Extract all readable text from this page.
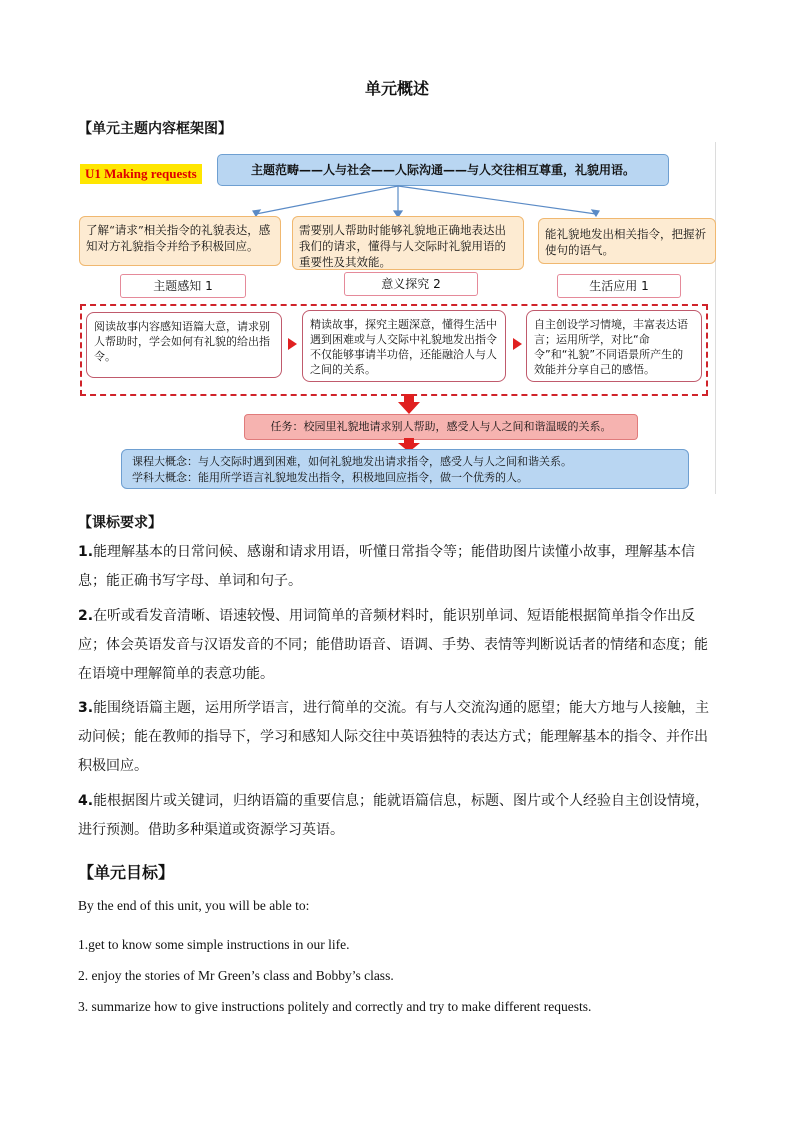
单元概述
【单元主题内容框架图】
U1 Making requests	主题范畴——人与社会——人际沟通——与人交往相互尊重，礼貌用语。
了解“请求”相关指令的礼貌表达，感知对方礼貌指令并给予积极回应。
需要别人帮助时能够礼貌地正确地表达出我们的请求，懂得与人交际时礼貌用语的重要性及其效能。
能礼貌地发出相关指令，把握祈使句的语气。
主题感知 1	意义探究 2	生活应用 1
阅读故事内容感知语篇大意，请求别人帮助时，学会如何有礼貌的给出指令。
精读故事，探究主题深意，懂得生活中遇到困难或与人交际中礼貌地发出指令不仅能够事请半功倍，还能融洽人与人之间的关系。
自主创设学习情境，丰富表达语言；运用所学，对比“命令”和“礼貌”不同语景所产生的效能并分享自己的感悟。
任务：校园里礼貌地请求别人帮助，感受人与人之间和谐温暖的关系。
课程大概念：与人交际时遇到困难，如何礼貌地发出请求指令，感受人与人之间和谐关系。
学科大概念：能用所学语言礼貌地发出指令，积极地回应指令，做一个优秀的人。
【课标要求】
1.能理解基本的日常问候、感谢和请求用语，听懂日常指令等；能借助图片读懂小故事，理解基本信息；能正确书写字母、单词和句子。
2.在听或看发音清晰、语速较慢、用词简单的音频材料时，能识别单词、短语能根据简单指令作出反应；体会英语发音与汉语发音的不同；能借助语音、语调、手势、表情等判断说话者的情绪和态度；能在语境中理解简单的表意功能。
3.能围绕语篇主题，运用所学语言，进行简单的交流。有与人交流沟通的愿望；能大方地与人接触，主动问候；能在教师的指导下，学习和感知人际交往中英语独特的表达方式；能理解基本的指令、并作出积极回应。
4.能根据图片或关键词，归纳语篇的重要信息；能就语篇信息，标题、图片或个人经验自主创设情境，进行预测。借助多种渠道或资源学习英语。
【单元目标】
By the end of this unit, you will be able to:
1.get to know some simple instructions in our life.
2. enjoy the stories of Mr Green’s class and Bobby’s class.
3. summarize how to give instructions politely and correctly and try to make different requests.
